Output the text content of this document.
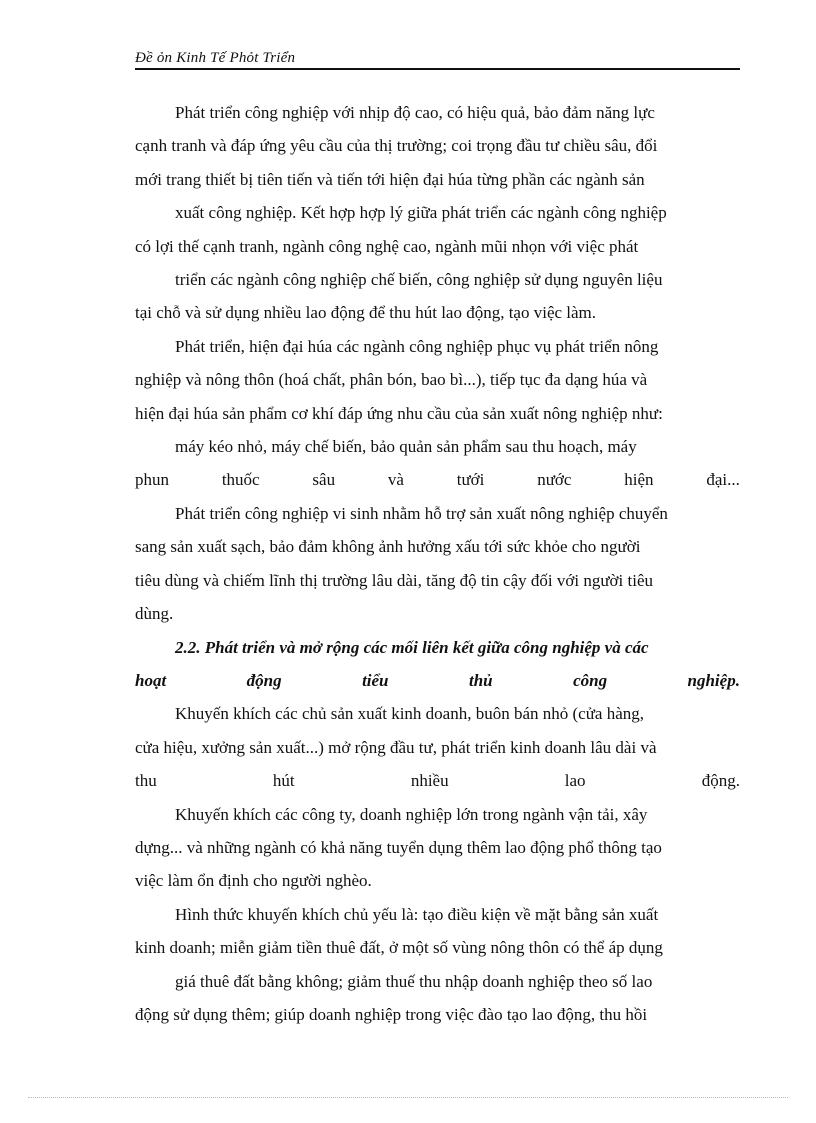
Đề ỏn Kinh Tế Phỏt Triển
Phát triển công nghiệp với nhịp độ cao, có hiệu quả, bảo đảm năng lực
cạnh tranh và đáp ứng yêu cầu của thị trường; coi trọng đầu tư chiều sâu, đổi
mới trang thiết bị tiên tiến và tiến tới hiện đại húa từng phần các ngành sản
xuất công nghiệp. Kết hợp hợp lý giữa phát triển các ngành công nghiệp
có lợi thế cạnh tranh, ngành công nghệ cao, ngành mũi nhọn với việc phát
triển các ngành công nghiệp chế biến, công nghiệp sử dụng nguyên liệu
tại chỗ và sử dụng nhiều lao động để thu hút lao động, tạo việc làm.
Phát triển, hiện đại húa các ngành công nghiệp phục vụ phát triển nông
nghiệp và nông thôn (hoá chất, phân bón, bao bì...), tiếp tục đa dạng húa và
hiện đại húa sản phẩm cơ khí đáp ứng nhu cầu của sản xuất nông nghiệp như:
máy kéo nhỏ, máy chế biến, bảo quản sản phẩm sau thu hoạch, máy
phun	thuốc	sâu	và	tưới	nước	hiện	đại...
Phát triển công nghiệp vi sinh nhằm hỗ trợ sản xuất nông nghiệp chuyển
sang sản xuất sạch, bảo đảm không ảnh hưởng xấu tới sức khỏe cho người
tiêu dùng và chiếm lĩnh thị trường lâu dài, tăng độ tin cậy đối với người tiêu
dùng.
2.2. Phát triển và mở rộng các mối liên kết giữa công nghiệp và các
hoạt	động	tiểu	thủ	công	nghiệp.
Khuyến khích các chủ sản xuất kinh doanh, buôn bán nhỏ (cửa hàng,
cửa hiệu, xưởng sản xuất...) mở rộng đầu tư, phát triển kinh doanh lâu dài và
thu	hút	nhiều	lao	động.
Khuyến khích các công ty, doanh nghiệp lớn trong ngành vận tải, xây
dựng... và những ngành có khả năng tuyển dụng thêm lao động phổ thông tạo
việc làm ổn định cho người nghèo.
Hình thức khuyến khích chủ yếu là: tạo điều kiện về mặt bằng sản xuất
kinh doanh; miễn giảm tiền thuê đất, ở một số vùng nông thôn có thể áp dụng
giá thuê đất bằng không; giảm thuế thu nhập doanh nghiệp theo số lao
động sử dụng thêm; giúp doanh nghiệp trong việc đào tạo lao động, thu hồi
